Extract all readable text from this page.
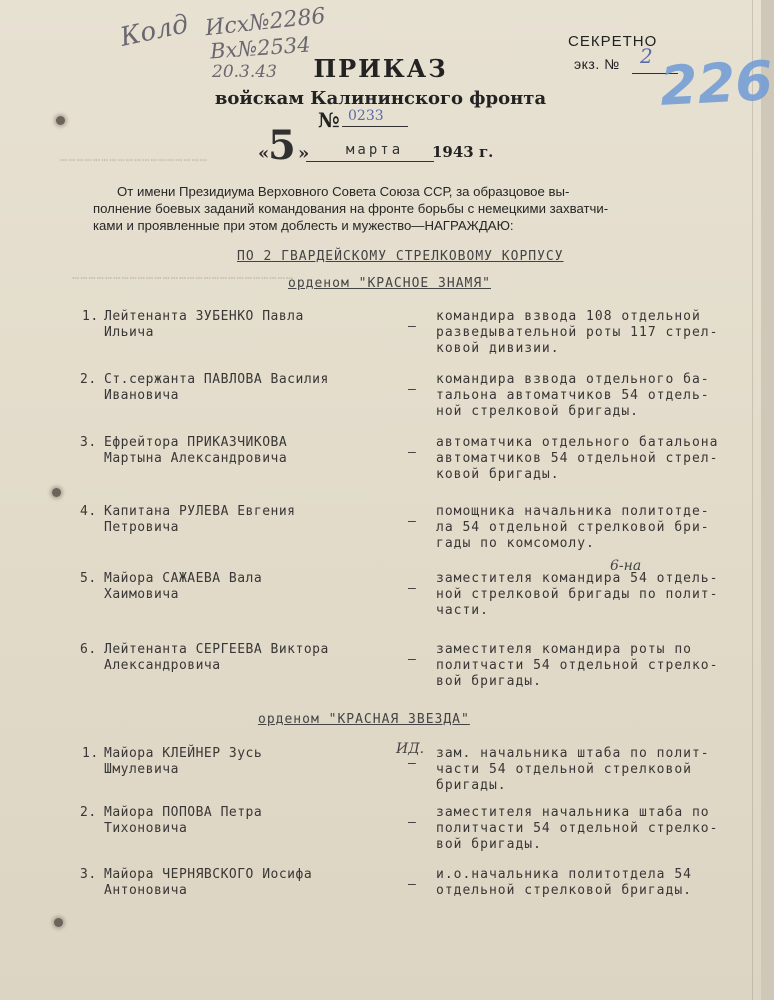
Колд Исх№2286
Вх№2534
20.3.43
СЕКРЕТНО
экз. № 2 226
ПРИКАЗ
войскам Калининского фронта
№ 0233
«
5 »	марта 1943 г.
………………………………………………
………………………………………………………………………
От имени Президиума Верховного Совета Союза ССР, за образцовое вы-
полнение боевых заданий командования на фронте борьбы с немецкими захватчи-
ками и проявленные при этом доблесть и мужество—НАГРАЖДАЮ:
ПО 2 ГВАРДЕЙСКОМУ СТРЕЛКОВОМУ КОРПУСУ
орденом "КРАСНОЕ ЗНАМЯ"
1. Лейтенанта ЗУБЕНКО Павла
Ильича	–
командира взвода 108 отдельной
разведывательной роты 117 стрел-
ковой дивизии.
2. Ст.сержанта ПАВЛОВА Василия
Ивановича	–
командира взвода отдельного ба-
тальона автоматчиков 54 отдель-
ной стрелковой бригады.
3. Ефрейтора ПРИКАЗЧИКОВА
Мартына Александровича	–
автоматчика отдельного батальона
автоматчиков 54 отдельной стрел-
ковой бригады.
4. Капитана РУЛЕВА Евгения
Петровича	–
помощника начальника политотде-
ла 54 отдельной стрелковой бри-
гады по комсомолу.
5. Майора САЖАЕВА Вала
Хаимовича	–
заместителя командира 54 отдель-
ной стрелковой бригады по полит-
части.
6-на
6. Лейтенанта СЕРГЕЕВА Виктора
Александровича	–
заместителя командира роты по
политчасти 54 отдельной стрелко-
вой бригады.
орденом "КРАСНАЯ ЗВЕЗДА"
1. Майора КЛЕЙНЕР Зусь
Шмулевича	–
зам. начальника штаба по полит-
части 54 отдельной стрелковой
бригады.
ИД.
2. Майора ПОПОВА Петра
Тихоновича	–
заместителя начальника штаба по
политчасти 54 отдельной стрелко-
вой бригады.
3. Майора ЧЕРНЯВСКОГО Иосифа
Антоновича	–
и.о.начальника политотдела 54
отдельной стрелковой бригады.
